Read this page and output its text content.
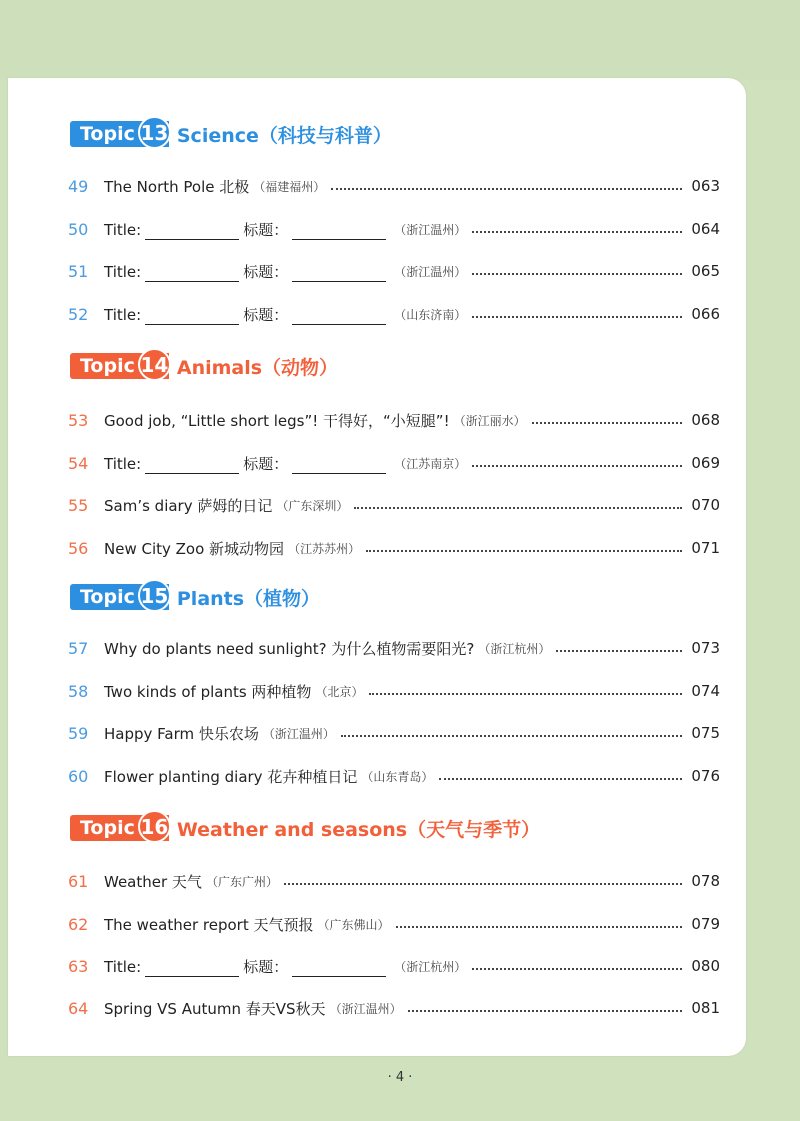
Topic 13 Science（科技与科普）
49	The North Pole 北极 （福建福州）	063
50	Title:	标题：	（浙江温州）	064
51	Title:	标题：	（浙江温州）	065
52	Title:	标题：	（山东济南）	066
Topic 14 Animals（动物）
53	Good job, “Little short legs”! 干得好，“小短腿”! （浙江丽水）	068
54	Title:	标题：	（江苏南京）	069
55	Sam’s diary 萨姆的日记 （广东深圳）	070
56	New City Zoo 新城动物园 （江苏苏州）	071
Topic 15 Plants（植物）
57	Why do plants need sunlight? 为什么植物需要阳光? （浙江杭州）	073
58	Two kinds of plants 两种植物 （北京）	074
59	Happy Farm 快乐农场 （浙江温州）	075
60	Flower planting diary 花卉种植日记 （山东青岛）	076
Topic 16 Weather and seasons（天气与季节）
61	Weather 天气 （广东广州）	078
62	The weather report 天气预报 （广东佛山）	079
63	Title:	标题：	（浙江杭州）	080
64	Spring VS Autumn 春天VS秋天 （浙江温州）	081
· 4 ·
